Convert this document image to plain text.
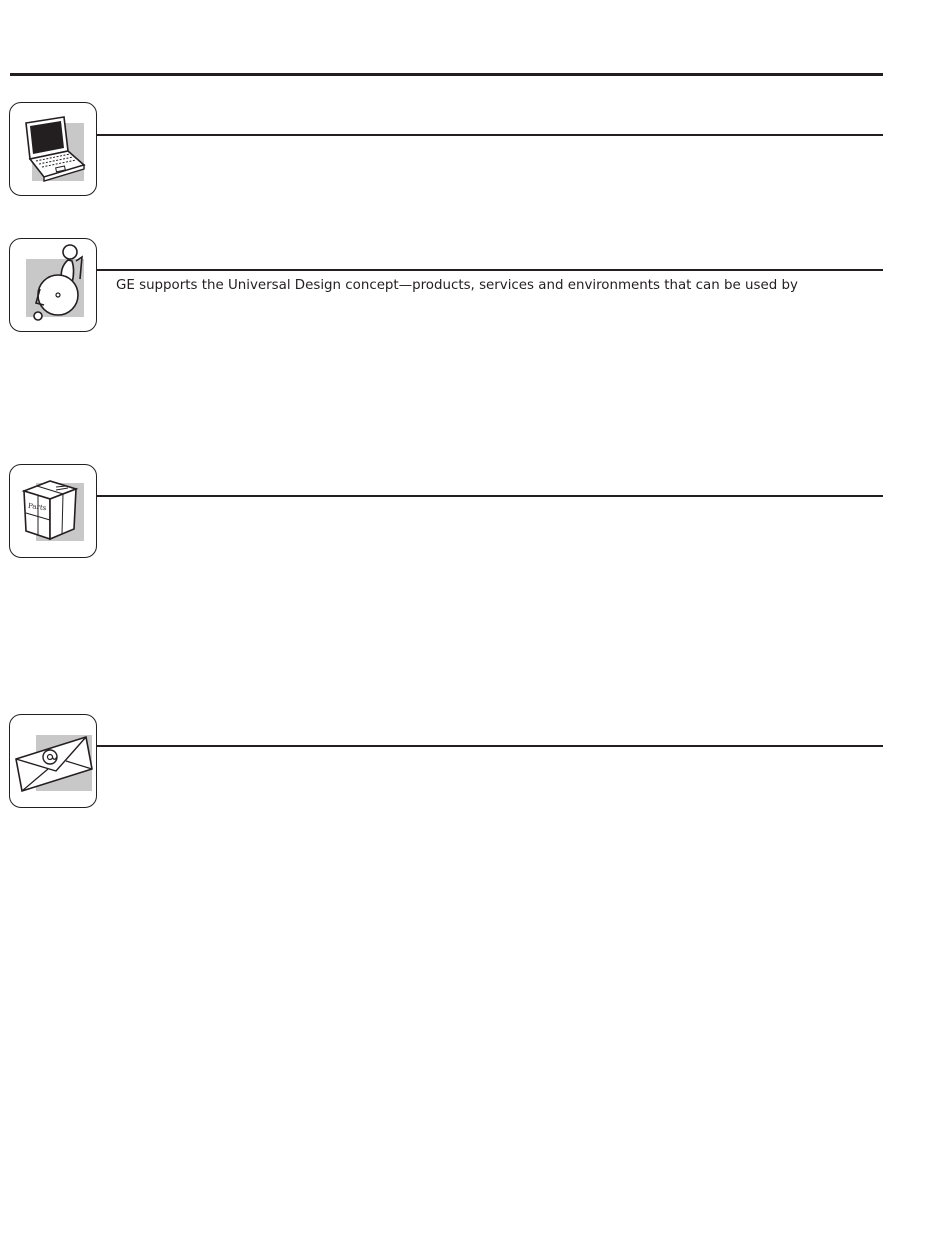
GE supports the Universal Design concept—products, services and environments that can be used by
Parts
